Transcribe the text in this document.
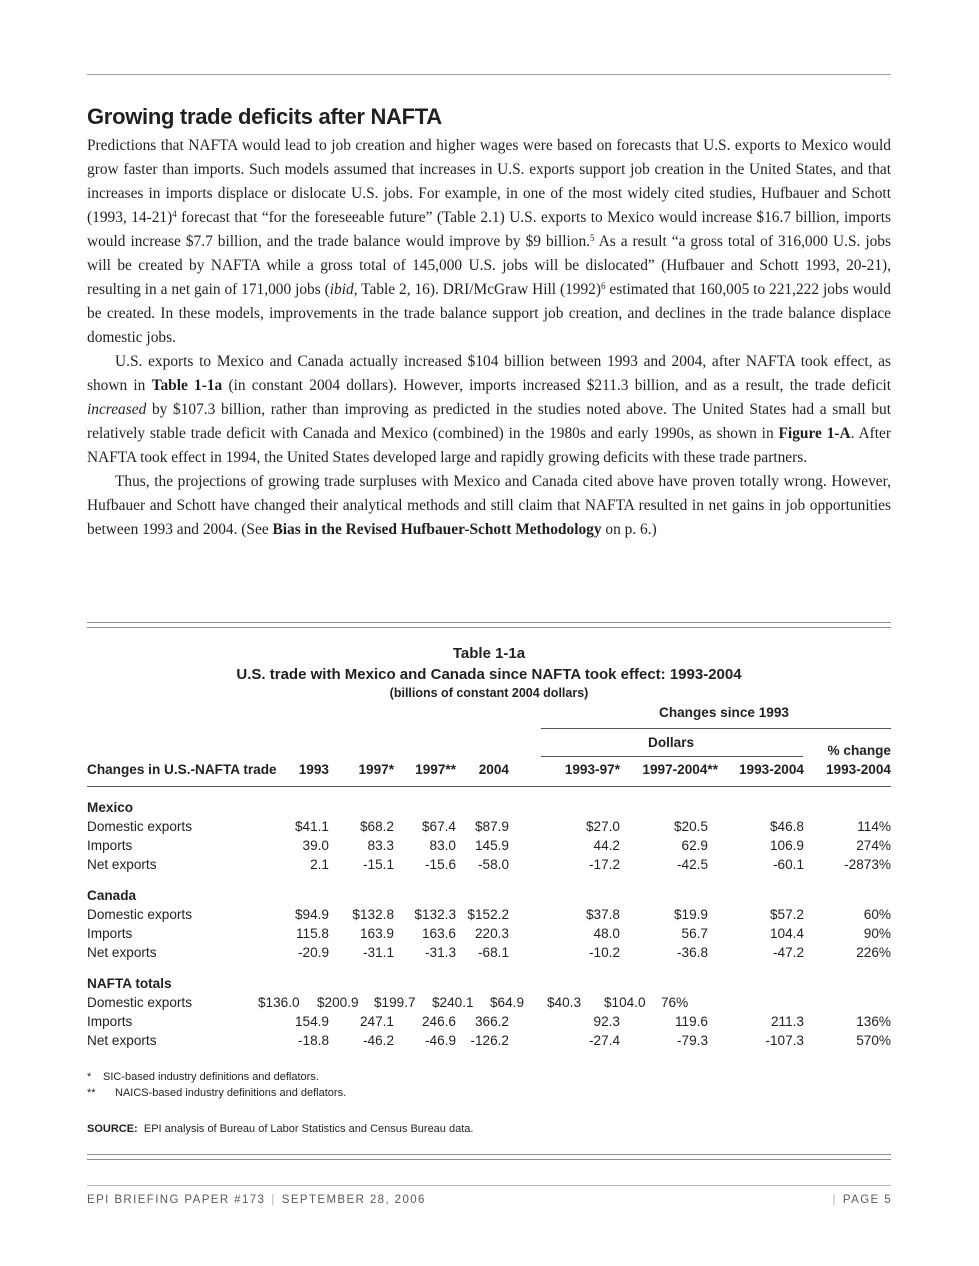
Growing trade deficits after NAFTA

Predictions that NAFTA would lead to job creation and higher wages were based on forecasts that U.S. exports to Mexico would grow faster than imports. Such models assumed that increases in U.S. exports support job creation in the United States, and that increases in imports displace or dislocate U.S. jobs. For example, in one of the most widely cited studies, Hufbauer and Schott (1993, 14-21)$^4$ forecast that “for the foreseeable future” (Table 2.1) U.S. exports to Mexico would increase $16.7 billion, imports would increase $7.7 billion, and the trade balance would improve by $9 billion.$^5$ As a result “a gross total of 316,000 U.S. jobs will be created by NAFTA while a gross total of 145,000 U.S. jobs will be dislocated” (Hufbauer and Schott 1993, 20-21), resulting in a net gain of 171,000 jobs (ibid, Table 2, 16). DRI/McGraw Hill $(1992)^6$ estimated that 160,005 to 221,222 jobs would be created. In these models, improvements in the trade balance support job creation, and declines in the trade balance displace domestic jobs.

U.S. exports to Mexico and Canada actually increased $104 billion between 1993 and 2004, after NAFTA took effect, as shown in Table 1-1a (in constant 2004 dollars). However, imports increased $211.3 billion, and as a result, the trade deficit increased by $107.3 billion, rather than improving as predicted in the studies noted above. The United States had a small but relatively stable trade deficit with Canada and Mexico (combined) in the 1980s and early 1990s, as shown in Figure 1-A. After NAFTA took effect in 1994, the United States developed large and rapidly growing deficits with these trade partners.

Thus, the projections of growing trade surpluses with Mexico and Canada cited above have proven totally wrong. However, Hufbauer and Schott have changed their analytical methods and still claim that NAFTA resulted in net gains in job opportunities between 1993 and 2004. (See Bias in the Revised Hufbauer-Schott Methodology on p. 6.)

Table 1-1a
U.S. trade with Mexico and Canada since NAFTA took effect: 1993-2004
(billions of constant 2004 dollars)
Changes since 1993
Dollars
% change
Changes in U.S.-NAFTA trade 1993 1997* 1997** 2004	1993-97* 1997-2004** 1993-2004 1993-2004
Mexico
Domestic exports	$41.1 $68.2 $67.4 $87.9	$27.0	$20.5	$46.8	114%
Imports	39.0	83.3	83.0 145.9	44.2	62.9	106.9	274%
Net exports	2.1	-15.1 -15.6 -58.0	-17.2	-42.5	-60.1	-2873%
Canada
Domestic exports	$94.9 $132.8 $132.3 $152.2	$37.8	$19.9	$57.2	60%
Imports	115.8 163.9 163.6 220.3	48.0	56.7	104.4	90%
Net exports	-20.9	-31.1 -31.3 -68.1	-10.2	-36.8	-47.2	226%
NAFTA totals
Domestic exports	$136.0 $200.9 $199.7 $240.1 $64.9 $40.3 $104.0 76%
Imports	154.9 247.1 246.6 366.2	92.3	119.6	211.3	136%
Net exports	-18.8	-46.2 -46.9 -126.2	-27.4	-79.3	-107.3	570%
* SIC-based industry definitions and deflators.
** NAICS-based industry definitions and deflators.
SOURCE: EPI analysis of Bureau of Labor Statistics and Census Bureau data.
EPI BRIEFING PAPER #173 | SEPTEMBER 28, 2006	| PAGE 5
